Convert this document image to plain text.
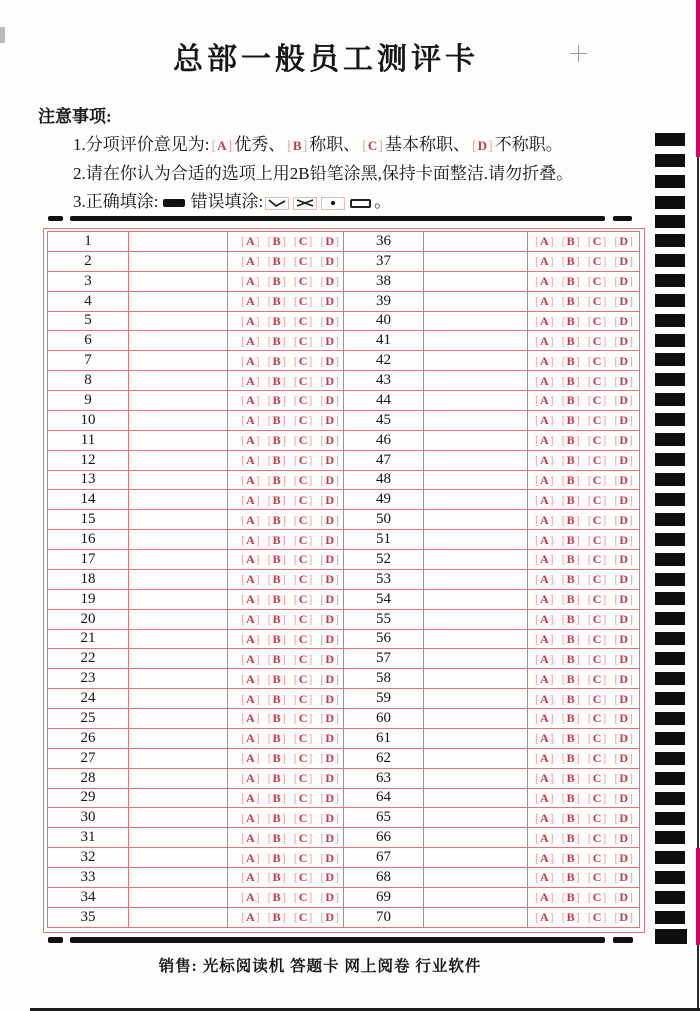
总部一般员工测评卡
注意事项:
1.分项评价意见为: [ A ] 优秀、 [ B ] 称职、 [ C ] 基本称职、 [ D ] 不称职。
2.请在你认为合适的选项上用2B铅笔涂黑,保持卡面整洁.请勿折叠。
3.正确填涂: 错误填涂:	。
1		[ A ] [ B ] [ C ] [ D ]	36		[ A ] [ B ] [ C ] [ D ]

2		[ A ] [ B ] [ C ] [ D ]	37		[ A ] [ B ] [ C ] [ D ]

3		[ A ] [ B ] [ C ] [ D ]	38		[ A ] [ B ] [ C ] [ D ]

4		[ A ] [ B ] [ C ] [ D ]	39		[ A ] [ B ] [ C ] [ D ]

5		[ A ] [ B ] [ C ] [ D ]	40		[ A ] [ B ] [ C ] [ D ]

6		[ A ] [ B ] [ C ] [ D ]	41		[ A ] [ B ] [ C ] [ D ]

7		[ A ] [ B ] [ C ] [ D ]	42		[ A ] [ B ] [ C ] [ D ]

8		[ A ] [ B ] [ C ] [ D ]	43		[ A ] [ B ] [ C ] [ D ]

9		[ A ] [ B ] [ C ] [ D ]	44		[ A ] [ B ] [ C ] [ D ]

10		[ A ] [ B ] [ C ] [ D ]	45		[ A ] [ B ] [ C ] [ D ]

11		[ A ] [ B ] [ C ] [ D ]	46		[ A ] [ B ] [ C ] [ D ]

12		[ A ] [ B ] [ C ] [ D ]	47		[ A ] [ B ] [ C ] [ D ]

13		[ A ] [ B ] [ C ] [ D ]	48		[ A ] [ B ] [ C ] [ D ]

14		[ A ] [ B ] [ C ] [ D ]	49		[ A ] [ B ] [ C ] [ D ]

15		[ A ] [ B ] [ C ] [ D ]	50		[ A ] [ B ] [ C ] [ D ]

16		[ A ] [ B ] [ C ] [ D ]	51		[ A ] [ B ] [ C ] [ D ]

17		[ A ] [ B ] [ C ] [ D ]	52		[ A ] [ B ] [ C ] [ D ]

18		[ A ] [ B ] [ C ] [ D ]	53		[ A ] [ B ] [ C ] [ D ]

19		[ A ] [ B ] [ C ] [ D ]	54		[ A ] [ B ] [ C ] [ D ]

20		[ A ] [ B ] [ C ] [ D ]	55		[ A ] [ B ] [ C ] [ D ]

21		[ A ] [ B ] [ C ] [ D ]	56		[ A ] [ B ] [ C ] [ D ]

22		[ A ] [ B ] [ C ] [ D ]	57		[ A ] [ B ] [ C ] [ D ]

23		[ A ] [ B ] [ C ] [ D ]	58		[ A ] [ B ] [ C ] [ D ]

24		[ A ] [ B ] [ C ] [ D ]	59		[ A ] [ B ] [ C ] [ D ]

25		[ A ] [ B ] [ C ] [ D ]	60		[ A ] [ B ] [ C ] [ D ]

26		[ A ] [ B ] [ C ] [ D ]	61		[ A ] [ B ] [ C ] [ D ]

27		[ A ] [ B ] [ C ] [ D ]	62		[ A ] [ B ] [ C ] [ D ]

28		[ A ] [ B ] [ C ] [ D ]	63		[ A ] [ B ] [ C ] [ D ]

29		[ A ] [ B ] [ C ] [ D ]	64		[ A ] [ B ] [ C ] [ D ]

30		[ A ] [ B ] [ C ] [ D ]	65		[ A ] [ B ] [ C ] [ D ]

31		[ A ] [ B ] [ C ] [ D ]	66		[ A ] [ B ] [ C ] [ D ]

32		[ A ] [ B ] [ C ] [ D ]	67		[ A ] [ B ] [ C ] [ D ]

33		[ A ] [ B ] [ C ] [ D ]	68		[ A ] [ B ] [ C ] [ D ]

34		[ A ] [ B ] [ C ] [ D ]	69		[ A ] [ B ] [ C ] [ D ]

35		[ A ] [ B ] [ C ] [ D ]	70		[ A ] [ B ] [ C ] [ D ]
销售: 光标阅读机 答题卡 网上阅卷 行业软件
